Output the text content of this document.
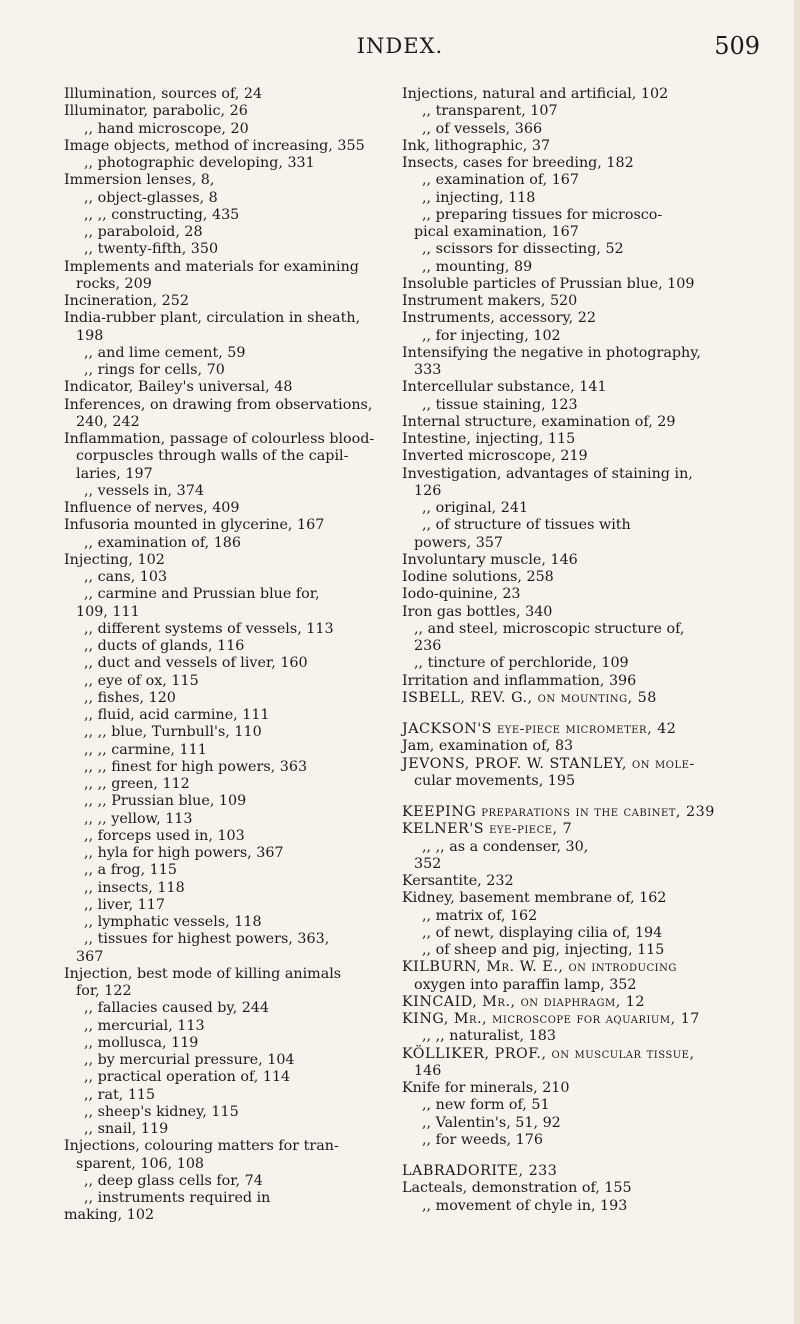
INDEX.	509
Illumination, sources of, 24
Illuminator, parabolic, 26
,, hand microscope, 20
Image objects, method of increasing, 355
,, photographic developing, 331
Immersion lenses, 8,
,, object-glasses, 8
,, ,, constructing, 435
,, paraboloid, 28
,, twenty-fifth, 350
Implements and materials for examining
rocks, 209
Incineration, 252
India-rubber plant, circulation in sheath,
198
,, and lime cement, 59
,, rings for cells, 70
Indicator, Bailey's universal, 48
Inferences, on drawing from observations,
240, 242
Inflammation, passage of colourless blood-
corpuscles through walls of the capil-
laries, 197
,, vessels in, 374
Influence of nerves, 409
Infusoria mounted in glycerine, 167
,, examination of, 186
Injecting, 102
,, cans, 103
,, carmine and Prussian blue for,
109, 111
,, different systems of vessels, 113
,, ducts of glands, 116
,, duct and vessels of liver, 160
,, eye of ox, 115
,, fishes, 120
,, fluid, acid carmine, 111
,, ,, blue, Turnbull's, 110
,, ,, carmine, 111
,, ,, finest for high powers, 363
,, ,, green, 112
,, ,, Prussian blue, 109
,, ,, yellow, 113
,, forceps used in, 103
,, hyla for high powers, 367
,, a frog, 115
,, insects, 118
,, liver, 117
,, lymphatic vessels, 118
,, tissues for highest powers, 363,
367
Injection, best mode of killing animals
for, 122
,, fallacies caused by, 244
,, mercurial, 113
,, mollusca, 119
,, by mercurial pressure, 104
,, practical operation of, 114
,, rat, 115
,, sheep's kidney, 115
,, snail, 119
Injections, colouring matters for tran-
sparent, 106, 108
,, deep glass cells for, 74
,, instruments required in
making, 102
Injections, natural and artificial, 102
,, transparent, 107
,, of vessels, 366
Ink, lithographic, 37
Insects, cases for breeding, 182
,, examination of, 167
,, injecting, 118
,, preparing tissues for microsco-
pical examination, 167
,, scissors for dissecting, 52
,, mounting, 89
Insoluble particles of Prussian blue, 109
Instrument makers, 520
Instruments, accessory, 22
,, for injecting, 102
Intensifying the negative in photography,
333
Intercellular substance, 141
,, tissue staining, 123
Internal structure, examination of, 29
Intestine, injecting, 115
Inverted microscope, 219
Investigation, advantages of staining in,
126
,, original, 241
,, of structure of tissues with
powers, 357
Involuntary muscle, 146
Iodine solutions, 258
Iodo-quinine, 23
Iron gas bottles, 340
,, and steel, microscopic structure of,
236
,, tincture of perchloride, 109
Irritation and inflammation, 396
ISBELL, REV. G., on mounting, 58
JACKSON'S eye-piece micrometer, 42
Jam, examination of, 83
JEVONS, PROF. W. STANLEY, on mole-
cular movements, 195
KEEPING preparations in the cabinet, 239
KELNER'S eye-piece, 7
,, ,, as a condenser, 30,
352
Kersantite, 232
Kidney, basement membrane of, 162
,, matrix of, 162
,, of newt, displaying cilia of, 194
,, of sheep and pig, injecting, 115
KILBURN, Mr. W. E., on introducing
oxygen into paraffin lamp, 352
KINCAID, Mr., on diaphragm, 12
KING, Mr., microscope for aquarium, 17
,, ,, naturalist, 183
KÖLLIKER, PROF., on muscular tissue,
146
Knife for minerals, 210
,, new form of, 51
,, Valentin's, 51, 92
,, for weeds, 176
LABRADORITE, 233
Lacteals, demonstration of, 155
,, movement of chyle in, 193
